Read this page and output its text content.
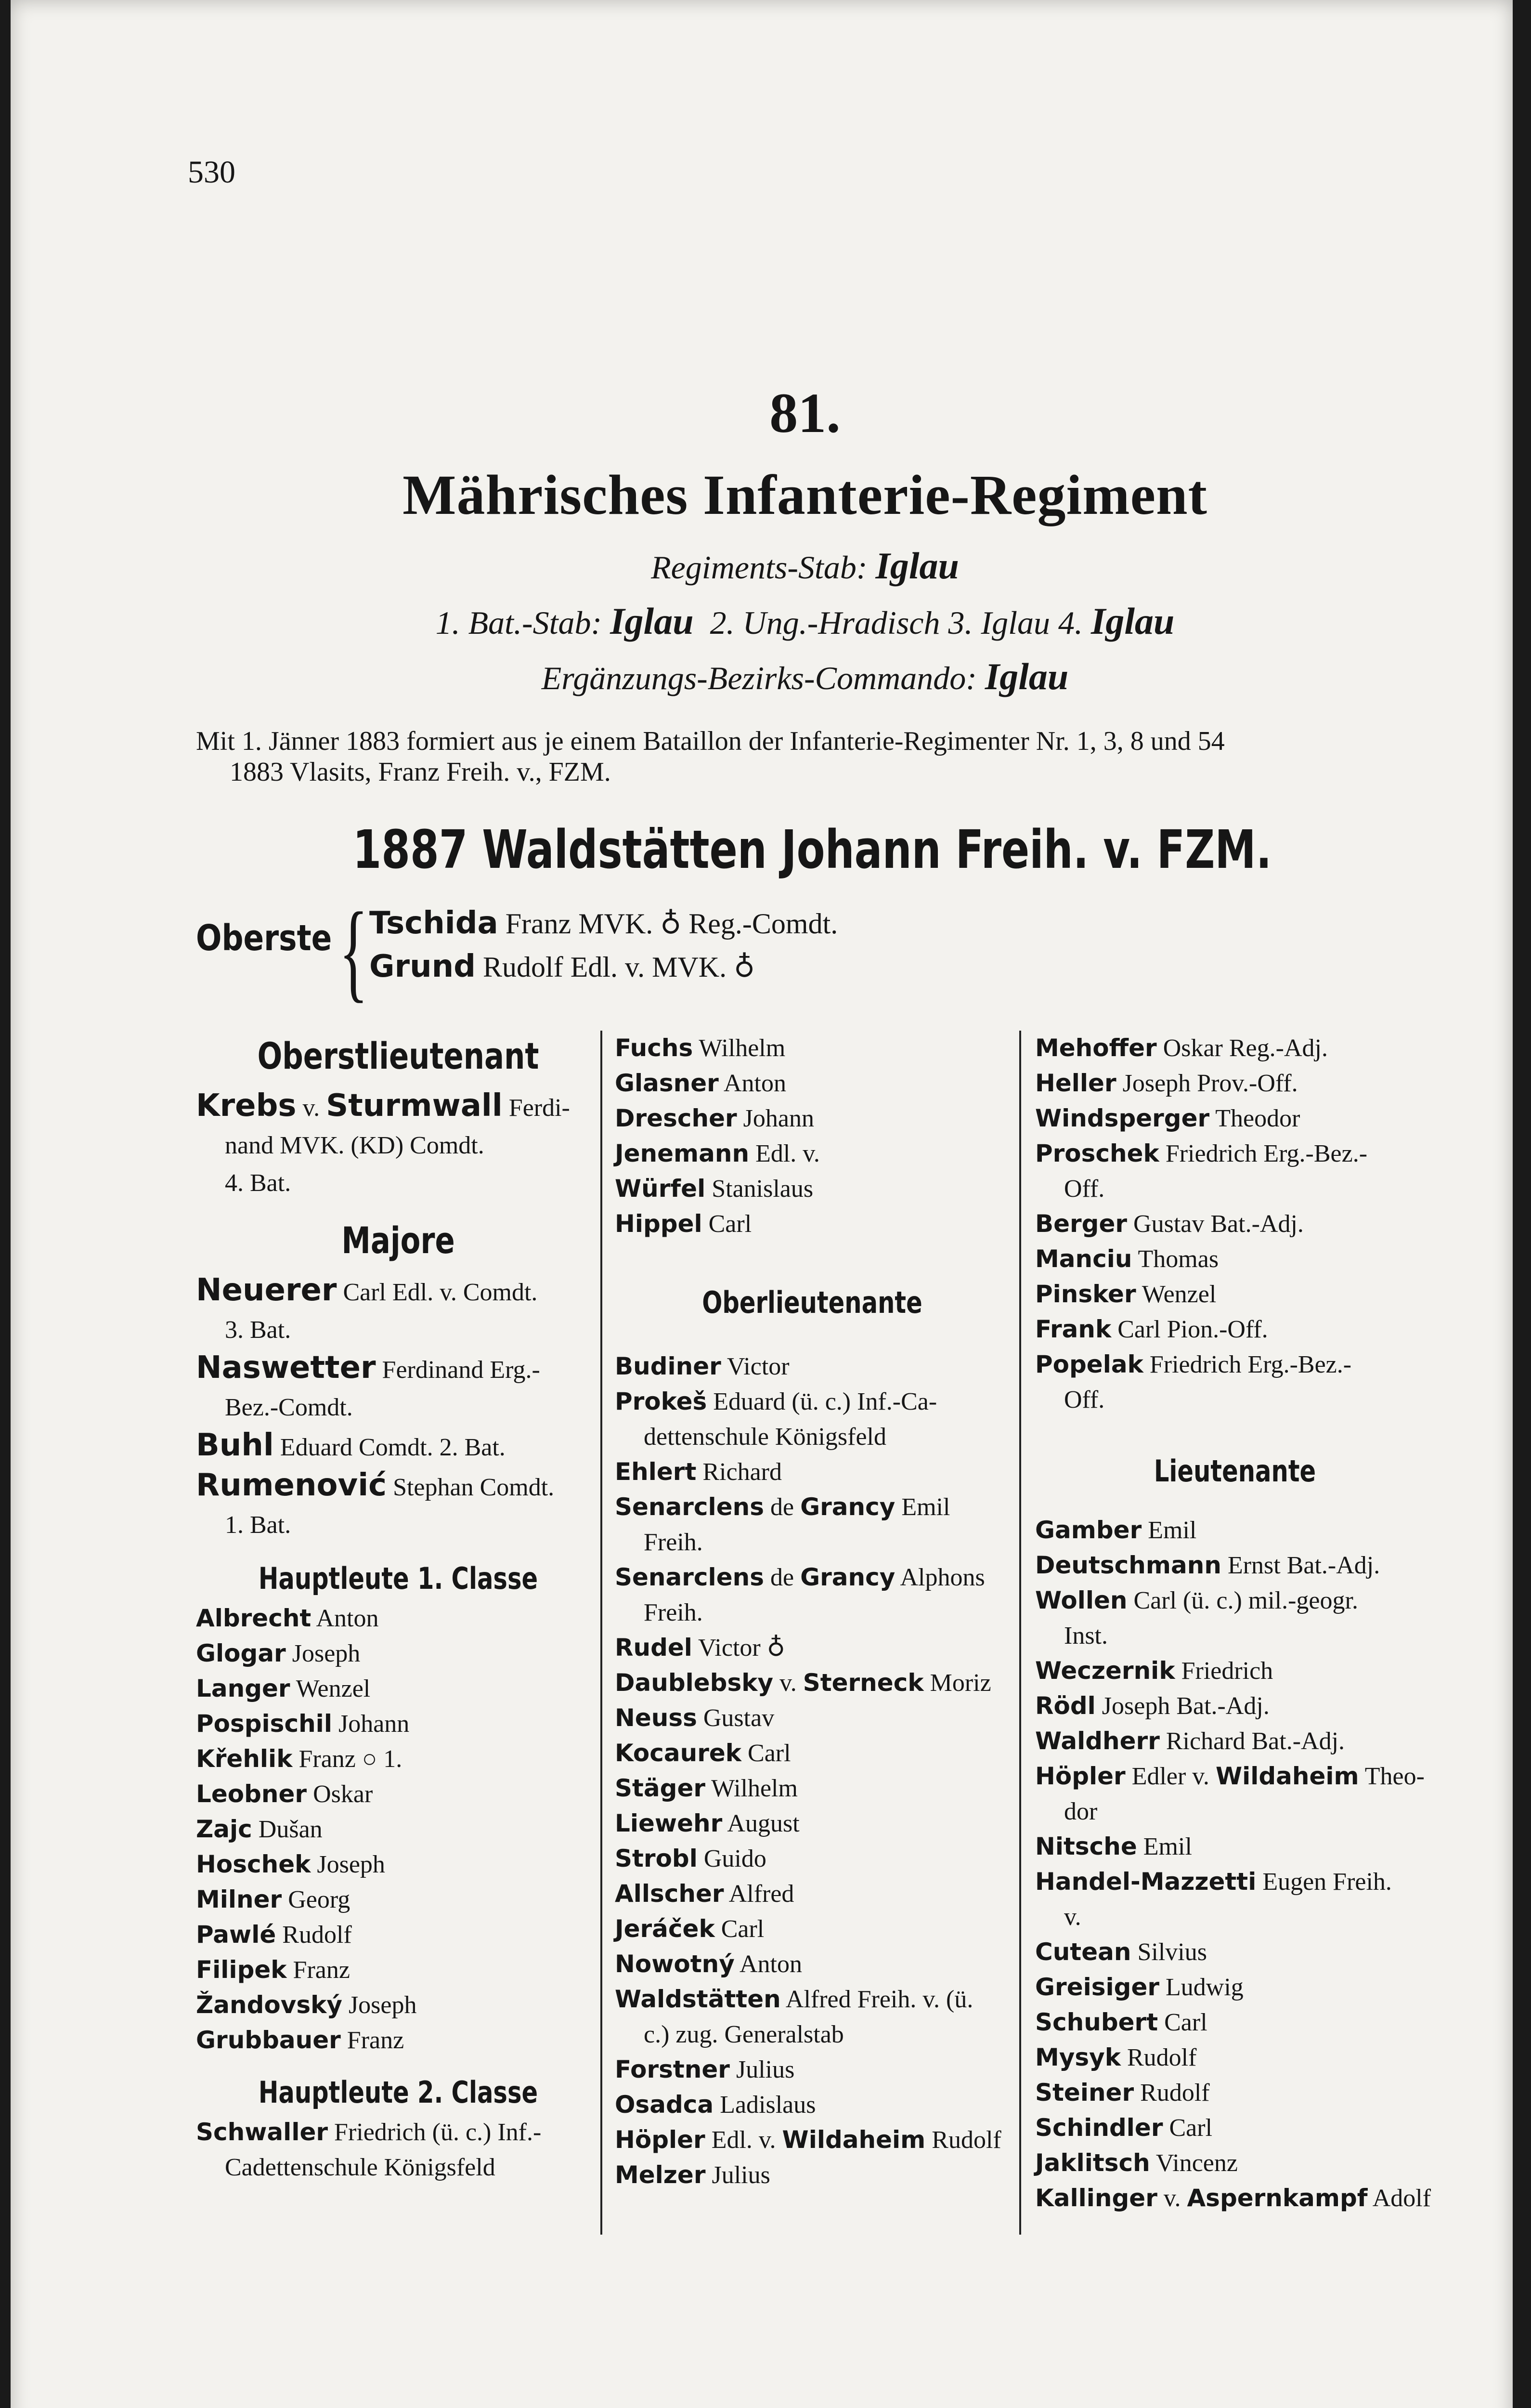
530
81.
Mährisches Infanterie-Regiment
Regiments-Stab: Iglau
1. Bat.-Stab: Iglau 2. Ung.-Hradisch 3. Iglau 4. Iglau
Ergänzungs-Bezirks-Commando: Iglau
Mit 1. Jänner 1883 formiert aus je einem Bataillon der Infanterie-Regimenter Nr. 1, 3, 8 und 54
1883 Vlasits, Franz Freih. v., FZM.
1887 Waldstätten Johann Freih. v. FZM.
Oberste { Tschida Franz MVK. ♁ Reg.-Comdt.
Grund Rudolf Edl. v. MVK. ♁
Oberstlieutenant
Krebs v. Sturmwall Ferdi-
nand MVK. (KD) Comdt.
4. Bat.
Majore
Neuerer Carl Edl. v. Comdt.
3. Bat.
Naswetter Ferdinand Erg.-
Bez.-Comdt.
Buhl Eduard Comdt. 2. Bat.
Rumenović Stephan Comdt.
1. Bat.
Hauptleute 1. Classe
Albrecht Anton
Glogar Joseph
Langer Wenzel
Pospischil Johann
Křehlik Franz ○ 1.
Leobner Oskar
Zajc Dušan
Hoschek Joseph
Milner Georg
Pawlé Rudolf
Filipek Franz
Žandovský Joseph
Grubbauer Franz
Hauptleute 2. Classe
Schwaller Friedrich (ü. c.) Inf.-
Cadettenschule Königsfeld
Fuchs Wilhelm
Glasner Anton
Drescher Johann
Jenemann Edl. v.
Würfel Stanislaus
Hippel Carl
Oberlieutenante
Budiner Victor
Prokeš Eduard (ü. c.) Inf.-Ca-
dettenschule Königsfeld
Ehlert Richard
Senarclens de Grancy Emil
Freih.
Senarclens de Grancy Alphons
Freih.
Rudel Victor ♁
Daublebsky v. Sterneck Moriz
Neuss Gustav
Kocaurek Carl
Stäger Wilhelm
Liewehr August
Strobl Guido
Allscher Alfred
Jeráček Carl
Nowotný Anton
Waldstätten Alfred Freih. v. (ü.
c.) zug. Generalstab
Forstner Julius
Osadca Ladislaus
Höpler Edl. v. Wildaheim Rudolf
Melzer Julius
Mehoffer Oskar Reg.-Adj.
Heller Joseph Prov.-Off.
Windsperger Theodor
Proschek Friedrich Erg.-Bez.-
Off.
Berger Gustav Bat.-Adj.
Manciu Thomas
Pinsker Wenzel
Frank Carl Pion.-Off.
Popelak Friedrich Erg.-Bez.-
Off.
Lieutenante
Gamber Emil
Deutschmann Ernst Bat.-Adj.
Wollen Carl (ü. c.) mil.-geogr.
Inst.
Weczernik Friedrich
Rödl Joseph Bat.-Adj.
Waldherr Richard Bat.-Adj.
Höpler Edler v. Wildaheim Theo-
dor
Nitsche Emil
Handel-Mazzetti Eugen Freih.
v.
Cutean Silvius
Greisiger Ludwig
Schubert Carl
Mysyk Rudolf
Steiner Rudolf
Schindler Carl
Jaklitsch Vincenz
Kallinger v. Aspernkampf Adolf
